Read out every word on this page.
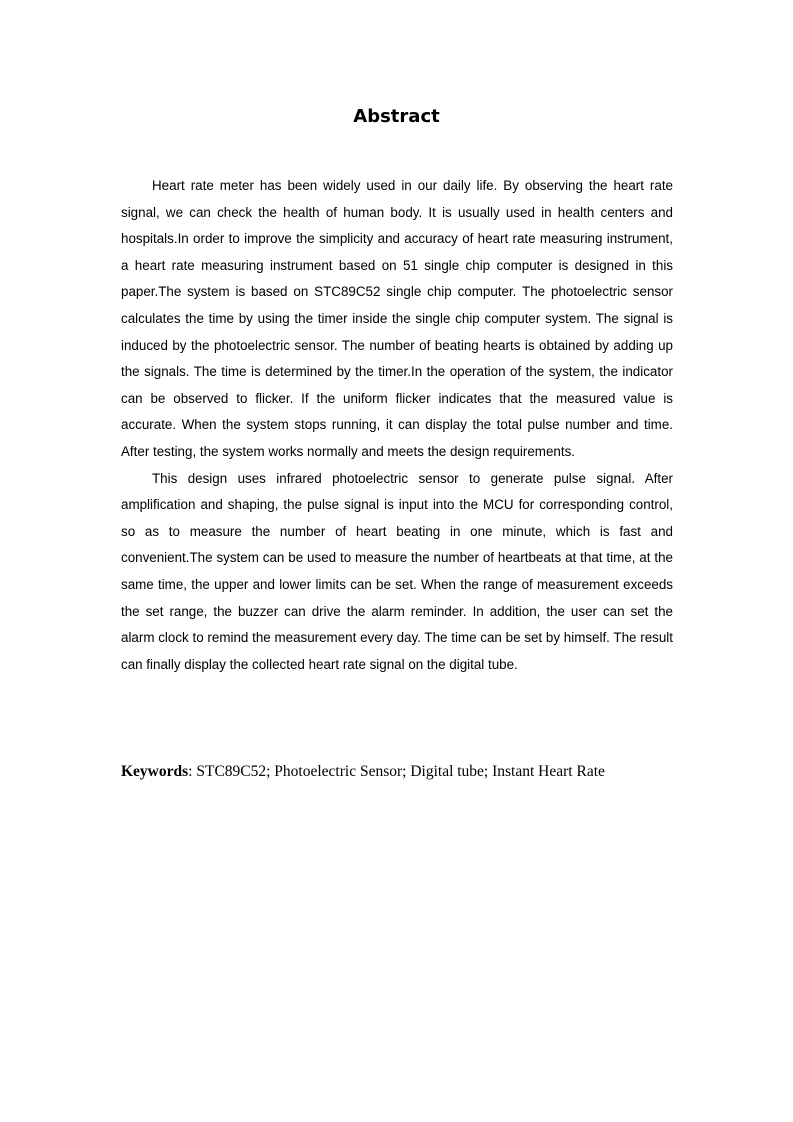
Abstract

Heart rate meter has been widely used in our daily life. By observing the heart rate signal, we can check the health of human body. It is usually used in health centers and hospitals.In order to improve the simplicity and accuracy of heart rate measuring instrument, a heart rate measuring instrument based on 51 single chip computer is designed in this paper.The system is based on STC89C52 single chip computer. The photoelectric sensor calculates the time by using the timer inside the single chip computer system. The signal is induced by the photoelectric sensor. The number of beating hearts is obtained by adding up the signals. The time is determined by the timer.In the operation of the system, the indicator can be observed to flicker. If the uniform flicker indicates that the measured value is accurate. When the system stops running, it can display the total pulse number and time. After testing, the system works normally and meets the design requirements.

This design uses infrared photoelectric sensor to generate pulse signal. After amplification and shaping, the pulse signal is input into the MCU for corresponding control, so as to measure the number of heart beating in one minute, which is fast and convenient.The system can be used to measure the number of heartbeats at that time, at the same time, the upper and lower limits can be set. When the range of measurement exceeds the set range, the buzzer can drive the alarm reminder. In addition, the user can set the alarm clock to remind the measurement every day. The time can be set by himself. The result can finally display the collected heart rate signal on the digital tube.

Keywords: STC89C52; Photoelectric Sensor; Digital tube; Instant Heart Rate
